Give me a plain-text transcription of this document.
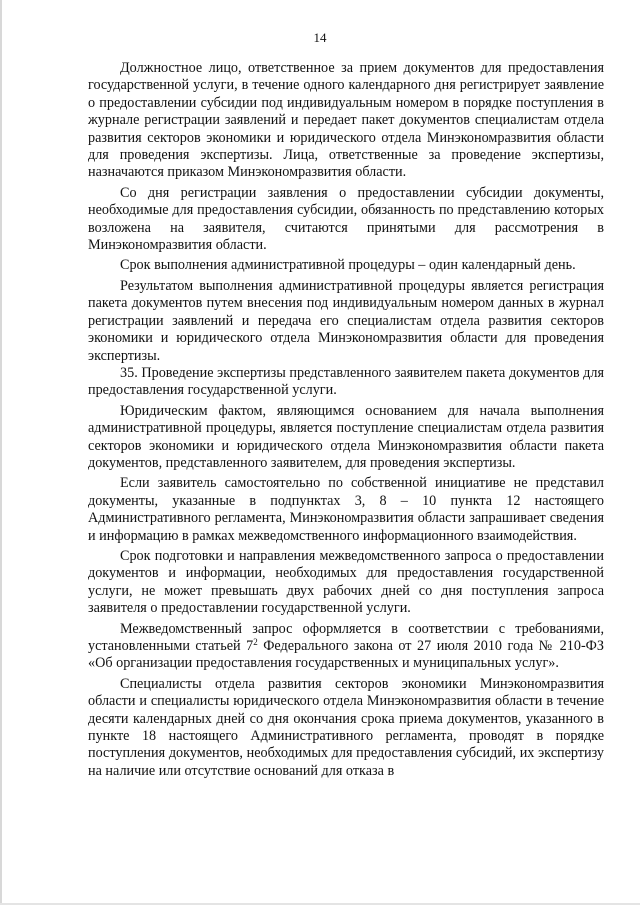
14

Должностное лицо, ответственное за прием документов для предоставления государственной услуги, в течение одного календарного дня регистрирует заявление о предоставлении субсидии под индивидуальным номером в порядке поступления в журнале регистрации заявлений и передает пакет документов специалистам отдела развития секторов экономики и юридического отдела Минэкономразвития области для проведения экспертизы. Лица, ответственные за проведение экспертизы, назначаются приказом Минэкономразвития области.

Со дня регистрации заявления о предоставлении субсидии документы, необходимые для предоставления субсидии, обязанность по представлению которых возложена на заявителя, считаются принятыми для рассмотрения в Минэкономразвития области.

Срок выполнения административной процедуры – один календарный день.

Результатом выполнения административной процедуры является регистрация пакета документов путем внесения под индивидуальным номером данных в журнал регистрации заявлений и передача его специалистам отдела развития секторов экономики и юридического отдела Минэкономразвития области для проведения экспертизы.

35. Проведение экспертизы представленного заявителем пакета документов для предоставления государственной услуги.

Юридическим фактом, являющимся основанием для начала выполнения административной процедуры, является поступление специалистам отдела развития секторов экономики и юридического отдела Минэкономразвития области пакета документов, представленного заявителем, для проведения экспертизы.

Если заявитель самостоятельно по собственной инициативе не представил документы, указанные в подпунктах 3, 8 – 10 пункта 12 настоящего Административного регламента, Минэкономразвития области запрашивает сведения и информацию в рамках межведомственного информационного взаимодействия.

Срок подготовки и направления межведомственного запроса о предоставлении документов и информации, необходимых для предоставления государственной услуги, не может превышать двух рабочих дней со дня поступления запроса заявителя о предоставлении государственной услуги.

Межведомственный запрос оформляется в соответствии с требованиями, установленными статьей $7^2$ Федерального закона от 27 июля 2010 года № 210-ФЗ «Об организации предоставления государственных и муниципальных услуг».

Специалисты отдела развития секторов экономики Минэкономразвития области и специалисты юридического отдела Минэкономразвития области в течение десяти календарных дней со дня окончания срока приема документов, указанного в пункте 18 настоящего Административного регламента, проводят в порядке поступления документов, необходимых для предоставления субсидий, их экспертизу на наличие или отсутствие оснований для отказа в
